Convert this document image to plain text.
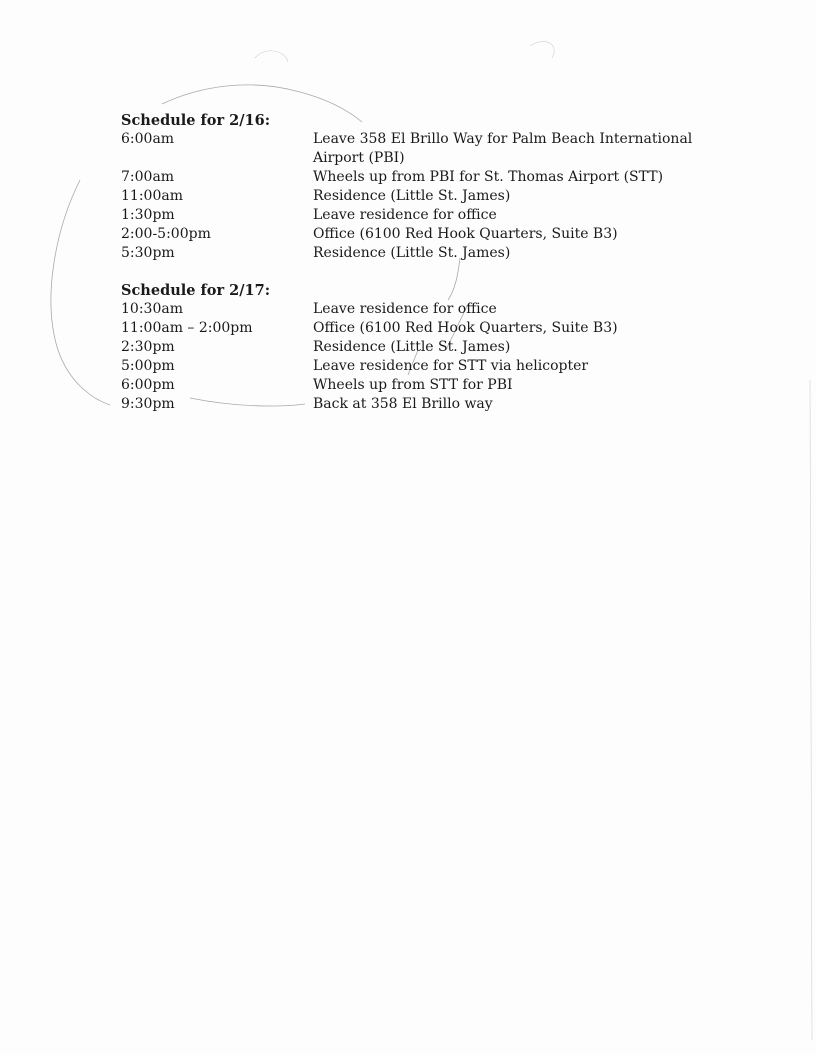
Schedule for 2/16:
6:00am	Leave 358 El Brillo Way for Palm Beach International Airport (PBI)
7:00am	Wheels up from PBI for St. Thomas Airport (STT)
11:00am	Residence (Little St. James)
1:30pm	Leave residence for office
2:00-5:00pm	Office (6100 Red Hook Quarters, Suite B3)
5:30pm	Residence (Little St. James)
Schedule for 2/17:
10:30am	Leave residence for office
11:00am – 2:00pm	Office (6100 Red Hook Quarters, Suite B3)
2:30pm	Residence (Little St. James)
5:00pm	Leave residence for STT via helicopter
6:00pm	Wheels up from STT for PBI
9:30pm	Back at 358 El Brillo way
